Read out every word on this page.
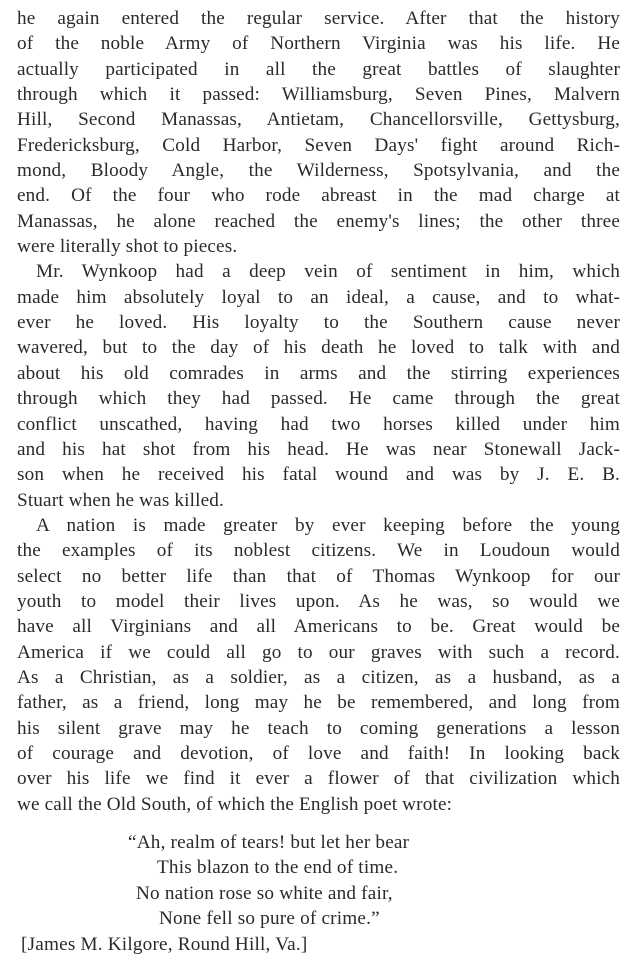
he again entered the regular service. After that the history
of the noble Army of Northern Virginia was his life. He
actually participated in all the great battles of slaughter
through which it passed: Williamsburg, Seven Pines, Malvern
Hill, Second Manassas, Antietam, Chancellorsville, Gettysburg,
Fredericksburg, Cold Harbor, Seven Days' fight around Rich-
mond, Bloody Angle, the Wilderness, Spotsylvania, and the
end. Of the four who rode abreast in the mad charge at
Manassas, he alone reached the enemy's lines; the other three
were literally shot to pieces.
Mr. Wynkoop had a deep vein of sentiment in him, which
made him absolutely loyal to an ideal, a cause, and to what-
ever he loved. His loyalty to the Southern cause never
wavered, but to the day of his death he loved to talk with and
about his old comrades in arms and the stirring experiences
through which they had passed. He came through the great
conflict unscathed, having had two horses killed under him
and his hat shot from his head. He was near Stonewall Jack-
son when he received his fatal wound and was by J. E. B.
Stuart when he was killed.
A nation is made greater by ever keeping before the young
the examples of its noblest citizens. We in Loudoun would
select no better life than that of Thomas Wynkoop for our
youth to model their lives upon. As he was, so would we
have all Virginians and all Americans to be. Great would be
America if we could all go to our graves with such a record.
As a Christian, as a soldier, as a citizen, as a husband, as a
father, as a friend, long may he be remembered, and long from
his silent grave may he teach to coming generations a lesson
of courage and devotion, of love and faith! In looking back
over his life we find it ever a flower of that civilization which
we call the Old South, of which the English poet wrote:
“Ah, realm of tears! but let her bear
This blazon to the end of time.
No nation rose so white and fair,
None fell so pure of crime.”
[James M. Kilgore, Round Hill, Va.]
